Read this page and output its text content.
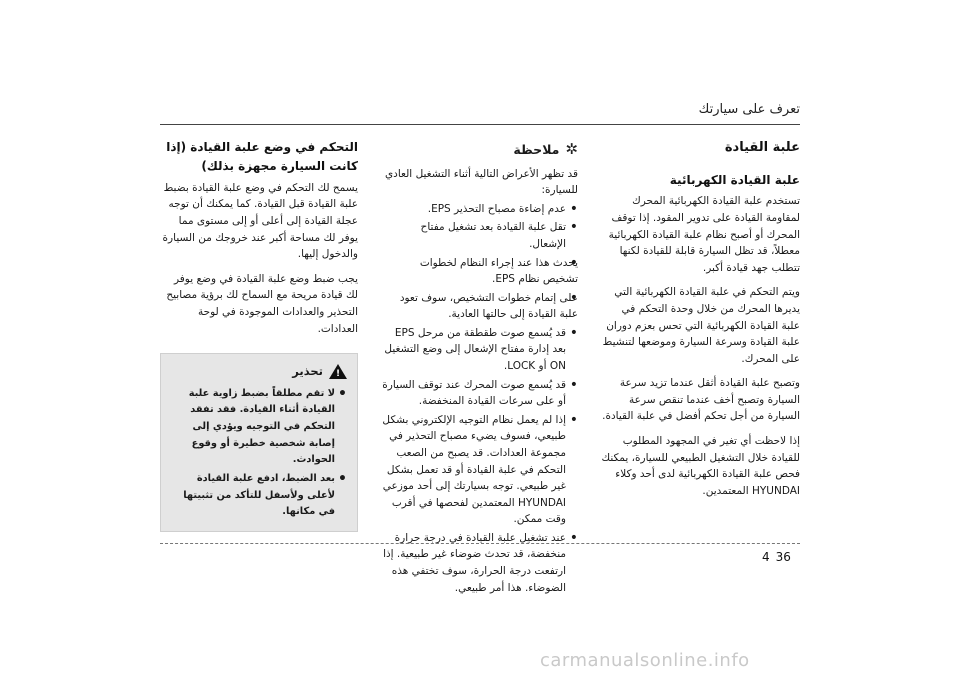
تعرف على سيارتك
علبة القيادة
علبة القيادة الكهربائية

تستخدم علبة القيادة الكهربائية المحرك لمقاومة القيادة على تدوير المقود. إذا توقف المحرك أو أصبح نظام علبة القيادة الكهربائية معطلاً، قد تظل السيارة قابلة للقيادة لكنها تتطلب جهد قيادة أكبر.

ويتم التحكم في علبة القيادة الكهربائية التي يديرها المحرك من خلال وحدة التحكم في علبة القيادة الكهربائية التي تحس بعزم دوران علبة القيادة وسرعة السيارة وموضعها لتنشيط على المحرك.

وتصبح علبة القيادة أثقل عندما تزيد سرعة السيارة وتصبح أخف عندما تنقص سرعة السيارة من أجل تحكم أفضل في علبة القيادة.

إذا لاحظت أي تغير في المجهود المطلوب للقيادة خلال التشغيل الطبيعي للسيارة، يمكنك فحص علبة القيادة الكهربائية لدى أحد وكلاء HYUNDAI المعتمدين.

✲
ملاحظة

قد تظهر الأعراض التالية أثناء التشغيل العادي للسيارة:

• عدم إضاءة مصباح التحذير EPS.
• تقل علبة القيادة بعد تشغيل مفتاح الإشعال.
• يحدث هذا عند إجراء النظام لخطوات تشخيص نظام EPS.
• على إتمام خطوات التشخيص، سوف تعود علبة القيادة إلى حالتها العادية.
• قد يُسمع صوت طقطقة من مرحل EPS بعد إدارة مفتاح الإشعال إلى وضع التشغيل ON أو LOCK.
• قد يُسمع صوت المحرك عند توقف السيارة أو على سرعات القيادة المنخفضة.
• إذا لم يعمل نظام التوجيه الإلكتروني بشكل طبيعي، فسوف يضيء مصباح التحذير في مجموعة العدادات. قد يصبح من الصعب التحكم في علبة القيادة أو قد تعمل بشكل غير طبيعي. توجه بسيارتك إلى أحد موزعي HYUNDAI المعتمدين لفحصها في أقرب وقت ممكن.
• عند تشغيل علبة القيادة في درجة حرارة منخفضة، قد تحدث ضوضاء غير طبيعية. إذا ارتفعت درجة الحرارة، سوف تختفي هذه الضوضاء. هذا أمر طبيعي.
التحكم في وضع علبة القيادة (إذا كانت السيارة مجهزة بذلك)

يسمح لك التحكم في وضع علبة القيادة بضبط علبة القيادة قبل القيادة. كما يمكنك أن توجه عجلة القيادة إلى أعلى أو إلى مستوى مما يوفر لك مساحة أكبر عند خروجك من السيارة والدخول إليها.

يجب ضبط وضع علبة القيادة في وضع يوفر لك قيادة مريحة مع السماح لك برؤية مصابيح التحذير والعدادات الموجودة في لوحة العدادات.

!
تحذير
• لا تقم مطلقاً بضبط زاوية علبة القيادة أثناء القيادة. فقد تفقد التحكم في التوجيه ويؤدي إلى إصابة شخصية خطيرة أو وقوع الحوادث.
• بعد الضبط، ادفع علبة القيادة لأعلى ولأسفل للتأكد من تثبيتها في مكانها.
4 36
carmanualsonline.info
